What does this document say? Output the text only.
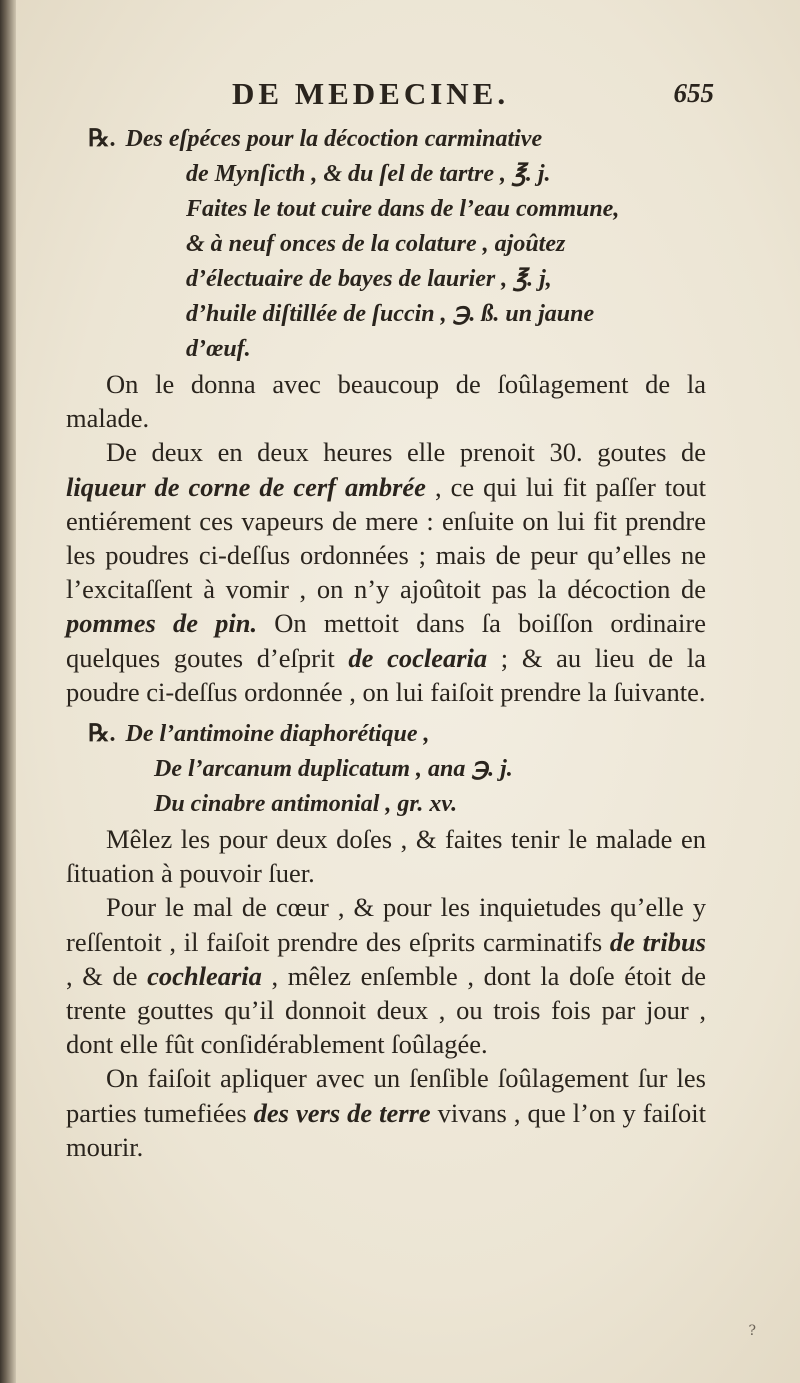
DE MEDECINE.	655
℞. Des eſpéces pour la décoction carminative
de Mynſicth , & du ſel de tartre , ℥. j.
Faites le tout cuire dans de l’eau commune,
& à neuf onces de la colature , ajoûtez
d’électuaire de bayes de laurier , ℥. j,
d’huile diſtillée de ſuccin , ℈. ß. un jaune
d’œuf.

On le donna avec beaucoup de ſoûlagement de la malade.

De deux en deux heures elle prenoit 30. goutes de liqueur de corne de cerf ambrée , ce qui lui fit paſſer tout entiérement ces vapeurs de mere : enſuite on lui fit prendre les poudres ci-deſſus ordonnées ; mais de peur qu’elles ne l’excitaſſent à vomir , on n’y ajoûtoit pas la décoction de pommes de pin. On mettoit dans ſa boiſſon ordinaire quelques goutes d’eſprit de coclearia ; & au lieu de la poudre ci-deſſus ordonnée , on lui faiſoit prendre la ſuivante.

℞. De l’antimoine diaphorétique ,
De l’arcanum duplicatum , ana ℈. j.
Du cinabre antimonial , gr. xv.

Mêlez les pour deux doſes , & faites tenir le malade en ſituation à pouvoir ſuer.

Pour le mal de cœur , & pour les inquietudes qu’elle y reſſentoit , il faiſoit prendre des eſprits carminatifs de tribus , & de cochlearia , mêlez enſemble , dont la doſe étoit de trente gouttes qu’il donnoit deux , ou trois fois par jour , dont elle fût conſidérablement ſoûlagée.

On faiſoit apliquer avec un ſenſible ſoûlagement ſur les parties tumefiées des vers de terre vivans , que l’on y faiſoit mourir.

?
